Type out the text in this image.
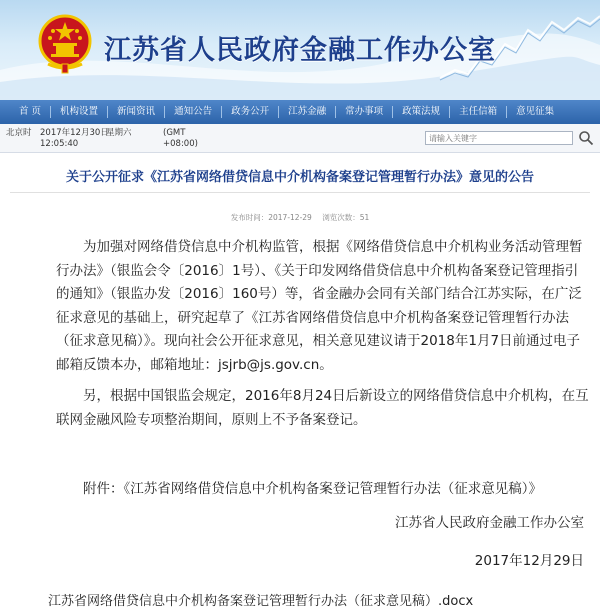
江苏省人民政府金融工作办公室
首 页	机构设置	新闻资讯	通知公告	政务公开	江苏金融	常办事项	政策法规	主任信箱	意见征集
北京时 2017年12月30日
12:05:40
星期六	(GMT
+08:00)
请输入关键字
关于公开征求《江苏省网络借贷信息中介机构备案登记管理暂行办法》意见的公告
发布时间：2017-12-29 浏览次数：51

为加强对网络借贷信息中介机构监管，根据《网络借贷信息中介机构业务活动管理暂行办法》（银监会令〔2016〕1号）、《关于印发网络借贷信息中介机构备案登记管理指引的通知》（银监办发〔2016〕160号）等，省金融办会同有关部门结合江苏实际，在广泛征求意见的基础上，研究起草了《江苏省网络借贷信息中介机构备案登记管理暂行办法（征求意见稿）》。现向社会公开征求意见，相关意见建议请于2018年1月7日前通过电子邮箱反馈本办，邮箱地址：jsjrb@js.gov.cn。

另，根据中国银监会规定，2016年8月24日后新设立的网络借贷信息中介机构，在互联网金融风险专项整治期间，原则上不予备案登记。

附件：《江苏省网络借贷信息中介机构备案登记管理暂行办法（征求意见稿）》
江苏省人民政府金融工作办公室
2017年12月29日
江苏省网络借贷信息中介机构备案登记管理暂行办法（征求意见稿）.docx
